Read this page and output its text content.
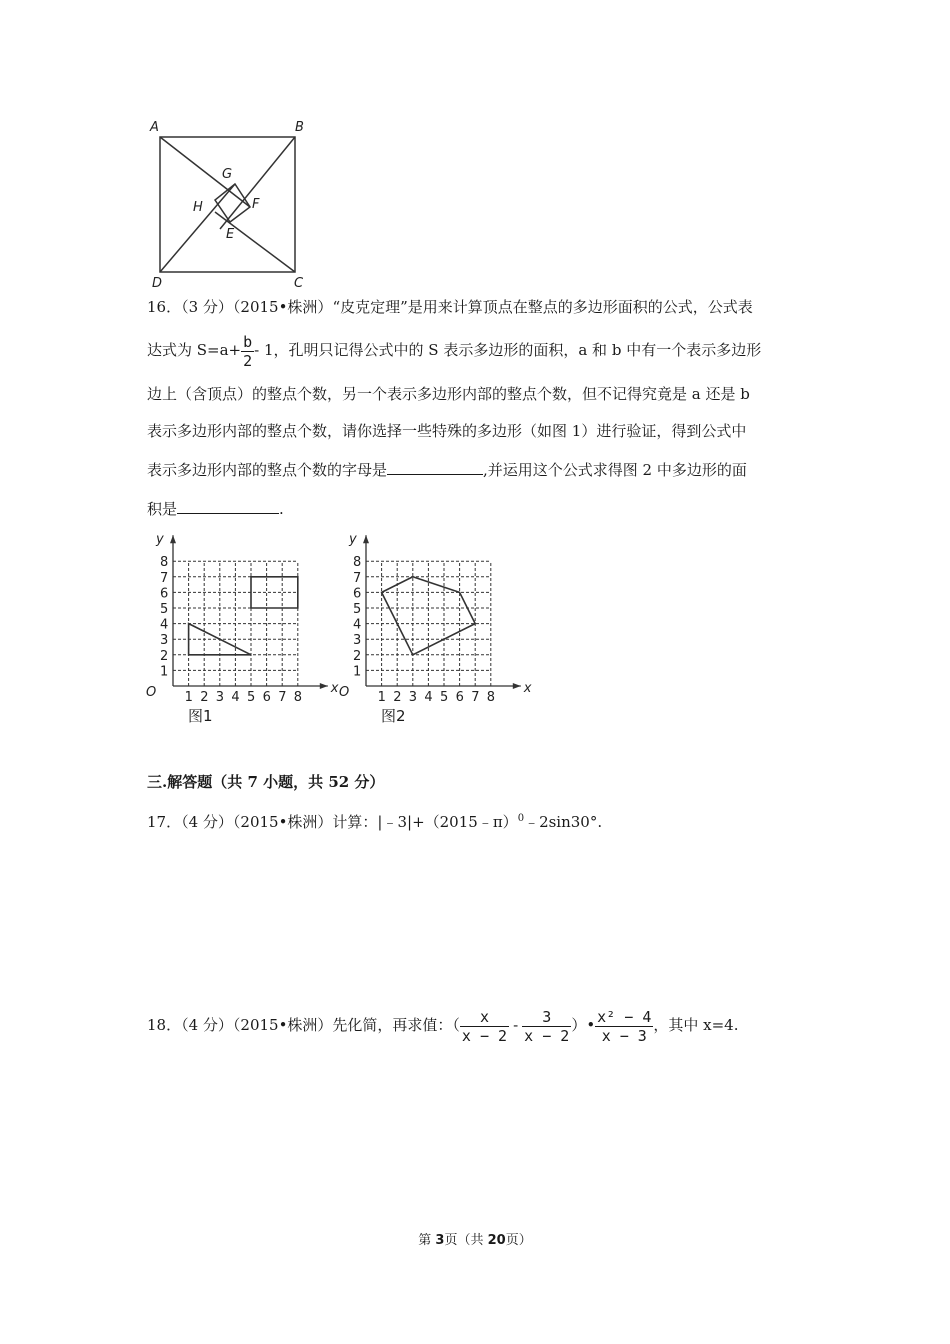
A	B
C
D
E
F
G
H
16．（3 分）（2015•株洲）“皮克定理”是用来计算顶点在整点的多边形面积的公式，公式表
达式为 $S=a+ \frac{b}{2} - 1$，孔明只记得公式中的 S 表示多边形的面积，a 和 b 中有一个表示多边形
边上（含顶点）的整点个数，另一个表示多边形内部的整点个数，但不记得究竟是 a 还是 b
表示多边形内部的整点个数，请你选择一些特殊的多边形（如图 1）进行验证，得到公式中
表示多边形内部的整点个数的字母是	,并运用这个公式求得图 2 中多边形的面
积是	.
1 2 3 4 5 6 7 8
1
2
3
4
5
6
7
8
O	x
y
1 2 3 4 5 6 7 8
1
2
3
4
5
6
7
8
O	x
y
图1	图2
三.解答题（共 7 小题，共 52 分）
17．（4 分）（2015•株洲）计算：|﹣3|+（2015﹣π）$^0$﹣2sin30°.
18．（4 分）（2015•株洲）先化简，再求值：（ $\frac{x}{x - 2} - \frac{3}{x - 2}$ ）• $\frac{\text{x² − 4}}{x - 3}$ ，其中 x=4.
第 3页（共 20页）
